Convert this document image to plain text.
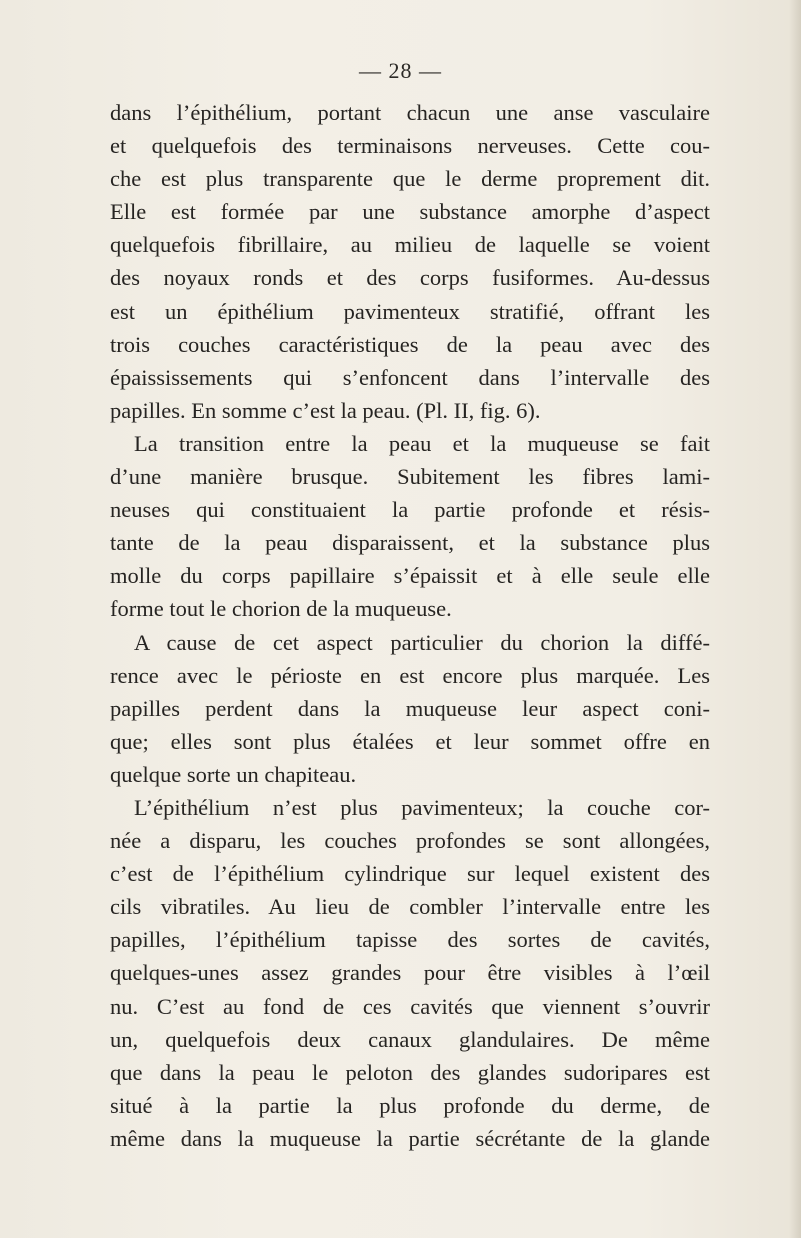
— 28 —
dans l’épithélium, portant chacun une anse vasculaire
et quelquefois des terminaisons nerveuses. Cette cou-
che est plus transparente que le derme proprement dit.
Elle est formée par une substance amorphe d’aspect
quelquefois fibrillaire, au milieu de laquelle se voient
des noyaux ronds et des corps fusiformes. Au-dessus
est un épithélium pavimenteux stratifié, offrant les
trois couches caractéristiques de la peau avec des
épaississements qui s’enfoncent dans l’intervalle des
papilles. En somme c’est la peau. (Pl. II, fig. 6).
La transition entre la peau et la muqueuse se fait
d’une manière brusque. Subitement les fibres lami-
neuses qui constituaient la partie profonde et résis-
tante de la peau disparaissent, et la substance plus
molle du corps papillaire s’épaissit et à elle seule elle
forme tout le chorion de la muqueuse.
A cause de cet aspect particulier du chorion la diffé-
rence avec le périoste en est encore plus marquée. Les
papilles perdent dans la muqueuse leur aspect coni-
que; elles sont plus étalées et leur sommet offre en
quelque sorte un chapiteau.
L’épithélium n’est plus pavimenteux; la couche cor-
née a disparu, les couches profondes se sont allongées,
c’est de l’épithélium cylindrique sur lequel existent des
cils vibratiles. Au lieu de combler l’intervalle entre les
papilles, l’épithélium tapisse des sortes de cavités,
quelques-unes assez grandes pour être visibles à l’œil
nu. C’est au fond de ces cavités que viennent s’ouvrir
un, quelquefois deux canaux glandulaires. De même
que dans la peau le peloton des glandes sudoripares est
situé à la partie la plus profonde du derme, de
même dans la muqueuse la partie sécrétante de la glande
